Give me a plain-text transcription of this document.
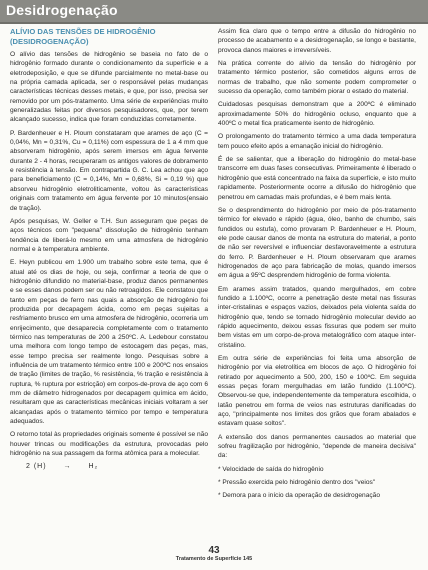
Desidrogenação
ALÍVIO DAS TENSÕES DE HIDROGÊNIO (DESIDROGENAÇÃO)

O alívio das tensões de hidrogênio se baseia no fato de o hidrogênio formado durante o condicionamento da superfície e a eletrodeposição, e que se difunde parcialmente no metal-base ou na própria camada aplicada, ser o responsável pelas mudanças características técnicas desses metais, e que, por isso, precisa ser removido por um pós-tratamento. Uma série de experiências muito generalizadas feitas por diversos pesquisadores, que, por terem alcançado sucesso, indica que foram conduzidas corretamente.

P. Bardenheuer e H. Ploum constataram que arames de aço (C = 0,04%, Mn = 0,31%, Cu = 0,11%) com espessura de 1 a 4 mm que absorveram hidrogênio, após serem imersos em água fervente durante 2 - 4 horas, recuperaram os antigos valores de dobramento e resistência à tensão. Em contrapartida G. C. Lea achou que aço para beneficiamento (C = 0,14%, Mn = 0,68%, Si = 0,19 %) que absorveu hidrogênio eletroliticamente, voltou às características originais com tratamento em água fervente por 10 minutos(ensaio de tração).

Após pesquisas, W. Geller e T.H. Sun asseguram que peças de aços técnicos com "pequena" dissolução de hidrogênio tenham tendência de liberá-lo mesmo em uma atmosfera de hidrogênio normal e à temperatura ambiente.

E. Heyn publicou em 1.900 um trabalho sobre este tema, que é atual até os dias de hoje, ou seja, confirmar a teoria de que o hidrogênio difundido no material-base, produz danos permanentes e se esses danos podem ser ou não retroagidos. Ele constatou que tanto em peças de ferro nas quais a absorção de hidrogênio foi produzida por decapagem ácida, como em peças sujeitas a resfriamento brusco em uma atmosfera de hidrogênio, ocorreria um enrijecimento, que desaparecia completamente com o tratamento térmico nas temperaturas de 200 a 250ºC. A. Ledebour constatou uma melhora com longo tempo de estocagem das peças, mas, esse tempo precisa ser realmente longo. Pesquisas sobre a influência de um tratamento térmico entre 100 e 200ºC nos ensaios de tração (limites de tração, % resistência, % tração e resistência à ruptura, % ruptura por estricção) em corpos-de-prova de aço com 6 mm de diâmetro hidrogenados por decapagem química em ácido, resultaram que as características mecânicas iniciais voltaram a ser alcançadas após o tratamento térmico por tempo e temperatura adequados.

O retorno total às propriedades originais somente é possível se não houver trincas ou modificações da estrutura, provocadas pelo hidrogênio na sua passagem da forma atômica para a molecular.

2 (H) → H₂

Assim fica claro que o tempo entre a difusão do hidrogênio no processo de acabamento e a desidrogenação, se longo e bastante, provoca danos maiores e irreversíveis.

Na prática corrente do alívio da tensão do hidrogênio por tratamento térmico posterior, são cometidos alguns erros de normas de trabalho, que não somente podem comprometer o sucesso da operação, como também piorar o estado do material.

Cuidadosas pesquisas demonstram que a 200ºC é eliminado aproximadamente 50% do hidrogênio ocluso, enquanto que a 400ºC o metal fica praticamente isento de hidrogênio.

O prolongamento do tratamento térmico a uma dada temperatura tem pouco efeito após a emanação inicial do hidrogênio.

É de se salientar, que a liberação do hidrogênio do metal-base transcorre em duas fases consecutivas. Primeiramente é liberado o hidrogênio que está concentrado na faixa da superfície, e isto muito rapidamente. Posteriormente ocorre a difusão do hidrogênio que penetrou em camadas mais profundas, e é bem mais lenta.

Se o desprendimento do hidrogênio por meio de pós-tratamento térmico for elevado e rápido (água, óleo, banho de chumbo, sais fundidos ou estufa), como provaram P. Bardenheuer e H. Ploum, ele pode causar danos de monta na estrutura do material, a ponto de não ser reversível e influenciar desfavoravelmente a estrutura do ferro. P. Bardenheuer e H. Ploum observaram que arames hidrogenados de aço para fabricação de molas, quando imersos em água a 95ºC desprendem hidrogênio de forma violenta.

Em arames assim tratados, quando mergulhados, em cobre fundido a 1.100ºC, ocorre a penetração deste metal nas fissuras inter-cristalinas e espaços vazios, deixados pela violenta saída do hidrogênio que, tendo se tornado hidrogênio molecular devido ao rápido aquecimento, deixou essas fissuras que podem ser muito bem vistas em um corpo-de-prova metalográfico com ataque inter-cristalino.

Em outra série de experiências foi feita uma absorção de hidrogênio por via eletrolítica em blocos de aço. O hidrogênio foi retirado por aquecimento a 500, 200, 150 e 100ºC. Em seguida essas peças foram mergulhadas em latão fundido (1.100ºC). Observou-se que, independentemente da temperatura escolhida, o latão penetrou em forma de veios nas estruturas danificadas do aço, "principalmente nos limites dos grãos que foram abalados e estavam quase soltos".

A extensão dos danos permanentes causados ao material que sofreu fragilização por hidrogênio, "depende de maneira decisiva" da:

* Velocidade de saída do hidrogênio

* Pressão exercida pelo hidrogênio dentro dos "veios"

* Demora para o início da operação de desidrogenação

43
Tratamento de Superfície 145
